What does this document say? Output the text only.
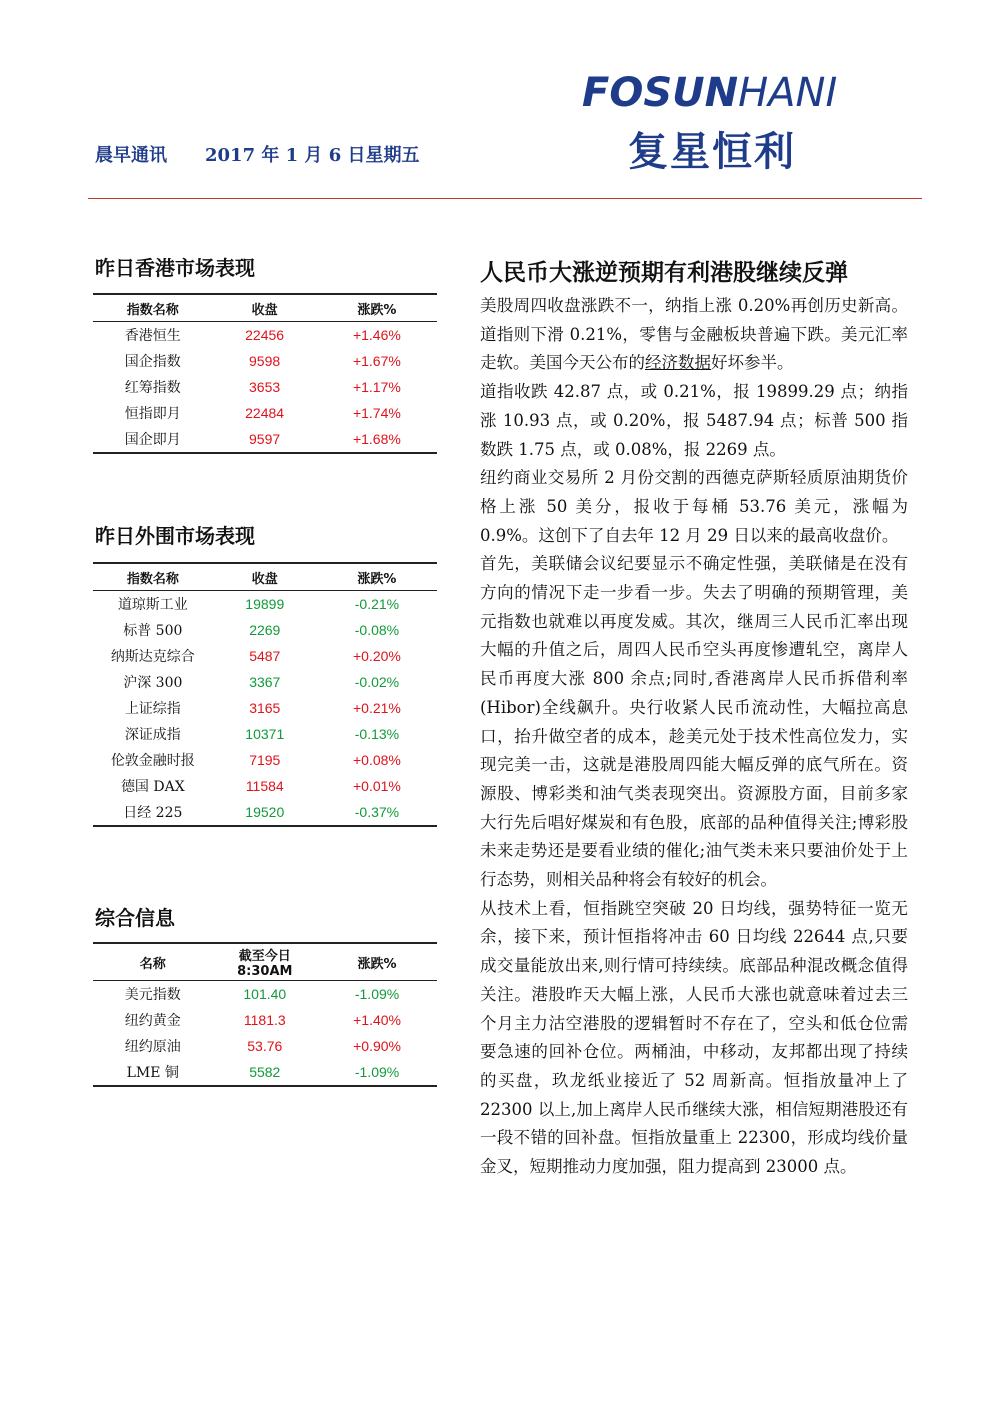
FOSUNHANI
复星恒利
晨早通讯 2017 年 1 月 6 日星期五
昨日香港市场表现
指数名称	收盘	涨跌%
香港恒生	22456	+1.46%
国企指数	9598	+1.67%
红筹指数	3653	+1.17%
恒指即月	22484	+1.74%
国企即月	9597	+1.68%
昨日外围市场表现
指数名称	收盘	涨跌%
道琼斯工业	19899	-0.21%
标普 500	2269	-0.08%
纳斯达克综合	5487	+0.20%
沪深 300	3367	-0.02%
上证综指	3165	+0.21%
深证成指	10371	-0.13%
伦敦金融时报	7195	+0.08%
德国 DAX	11584	+0.01%
日经 225	19520	-0.37%
综合信息
名称	截至今日 8:30AM	涨跌%
美元指数	101.40	-1.09%
纽约黄金	1181.3	+1.40%
纽约原油	53.76	+0.90%
LME 铜	5582	-1.09%
人民币大涨逆预期有利港股继续反弹

美股周四收盘涨跌不一，纳指上涨 0.20%再创历史新高。道指则下滑 0.21%，零售与金融板块普遍下跌。美元汇率走软。美国今天公布的经济数据好坏参半。

道指收跌 42.87 点，或 0.21%，报 19899.29 点；纳指涨 10.93 点，或 0.20%，报 5487.94 点；标普 500 指数跌 1.75 点，或 0.08%，报 2269 点。

纽约商业交易所 2 月份交割的西德克萨斯轻质原油期货价格上涨 50 美分，报收于每桶 53.76 美元，涨幅为 0.9%。这创下了自去年 12 月 29 日以来的最高收盘价。

首先，美联储会议纪要显示不确定性强，美联储是在没有方向的情况下走一步看一步。失去了明确的预期管理，美元指数也就难以再度发威。其次，继周三人民币汇率出现大幅的升值之后，周四人民币空头再度惨遭轧空，离岸人民币再度大涨 800 余点;同时,香港离岸人民币拆借利率(Hibor)全线飙升。央行收紧人民币流动性，大幅拉高息口，抬升做空者的成本，趁美元处于技术性高位发力，实现完美一击，这就是港股周四能大幅反弹的底气所在。资源股、博彩类和油气类表现突出。资源股方面，目前多家大行先后唱好煤炭和有色股，底部的品种值得关注;博彩股未来走势还是要看业绩的催化;油气类未来只要油价处于上行态势，则相关品种将会有较好的机会。

从技术上看，恒指跳空突破 20 日均线，强势特征一览无余，接下来，预计恒指将冲击 60 日均线 22644 点,只要成交量能放出来,则行情可持续续。底部品种混改概念值得关注。港股昨天大幅上涨，人民币大涨也就意味着过去三个月主力沽空港股的逻辑暂时不存在了，空头和低仓位需要急速的回补仓位。两桶油，中移动，友邦都出现了持续的买盘，玖龙纸业接近了 52 周新高。恒指放量冲上了 22300 以上,加上离岸人民币继续大涨，相信短期港股还有一段不错的回补盘。恒指放量重上 22300，形成均线价量金叉，短期推动力度加强，阻力提高到 23000 点。
